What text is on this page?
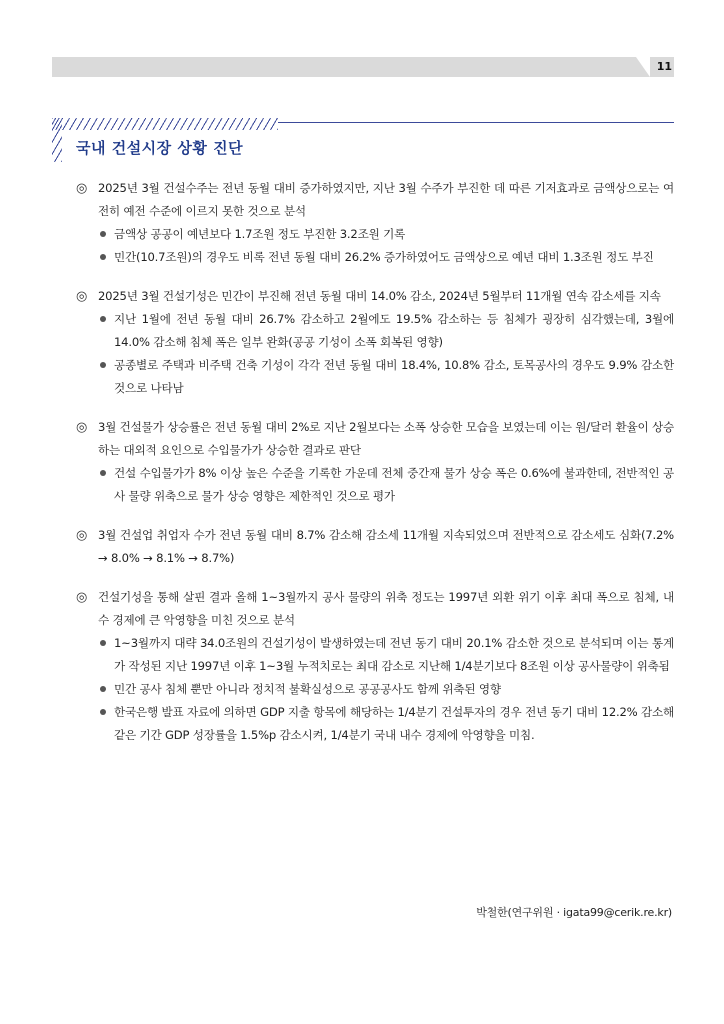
11
국내 건설시장 상황 진단
◎ 2025년 3월 건설수주는 전년 동월 대비 증가하였지만, 지난 3월 수주가 부진한 데 따른 기저효과로 금액상으로는 여전히 예전 수준에 이르지 못한 것으로 분석
금액상 공공이 예년보다 1.7조원 정도 부진한 3.2조원 기록
민간(10.7조원)의 경우도 비록 전년 동월 대비 26.2% 증가하였어도 금액상으로 예년 대비 1.3조원 정도 부진
◎ 2025년 3월 건설기성은 민간이 부진해 전년 동월 대비 14.0% 감소, 2024년 5월부터 11개월 연속 감소세를 지속
지난 1월에 전년 동월 대비 26.7% 감소하고 2월에도 19.5% 감소하는 등 침체가 굉장히 심각했는데, 3월에 14.0% 감소해 침체 폭은 일부 완화(공공 기성이 소폭 회복된 영향)
공종별로 주택과 비주택 건축 기성이 각각 전년 동월 대비 18.4%, 10.8% 감소, 토목공사의 경우도 9.9% 감소한 것으로 나타남
◎ 3월 건설물가 상승률은 전년 동월 대비 2%로 지난 2월보다는 소폭 상승한 모습을 보였는데 이는 원/달러 환율이 상승하는 대외적 요인으로 수입물가가 상승한 결과로 판단
건설 수입물가가 8% 이상 높은 수준을 기록한 가운데 전체 중간재 물가 상승 폭은 0.6%에 불과한데, 전반적인 공사 물량 위축으로 물가 상승 영향은 제한적인 것으로 평가
◎ 3월 건설업 취업자 수가 전년 동월 대비 8.7% 감소해 감소세 11개월 지속되었으며 전반적으로 감소세도 심화(7.2% → 8.0% → 8.1% → 8.7%)
◎ 건설기성을 통해 살핀 결과 올해 1~3월까지 공사 물량의 위축 정도는 1997년 외환 위기 이후 최대 폭으로 침체, 내수 경제에 큰 악영향을 미친 것으로 분석
1~3월까지 대략 34.0조원의 건설기성이 발생하였는데 전년 동기 대비 20.1% 감소한 것으로 분석되며 이는 통계가 작성된 지난 1997년 이후 1~3월 누적치로는 최대 감소로 지난해 1/4분기보다 8조원 이상 공사물량이 위축됨
민간 공사 침체 뿐만 아니라 정치적 불확실성으로 공공공사도 함께 위축된 영향
한국은행 발표 자료에 의하면 GDP 지출 항목에 해당하는 1/4분기 건설투자의 경우 전년 동기 대비 12.2% 감소해 같은 기간 GDP 성장률을 1.5%p 감소시켜, 1/4분기 국내 내수 경제에 악영향을 미침.
박철한(연구위원 · igata99@cerik.re.kr)
